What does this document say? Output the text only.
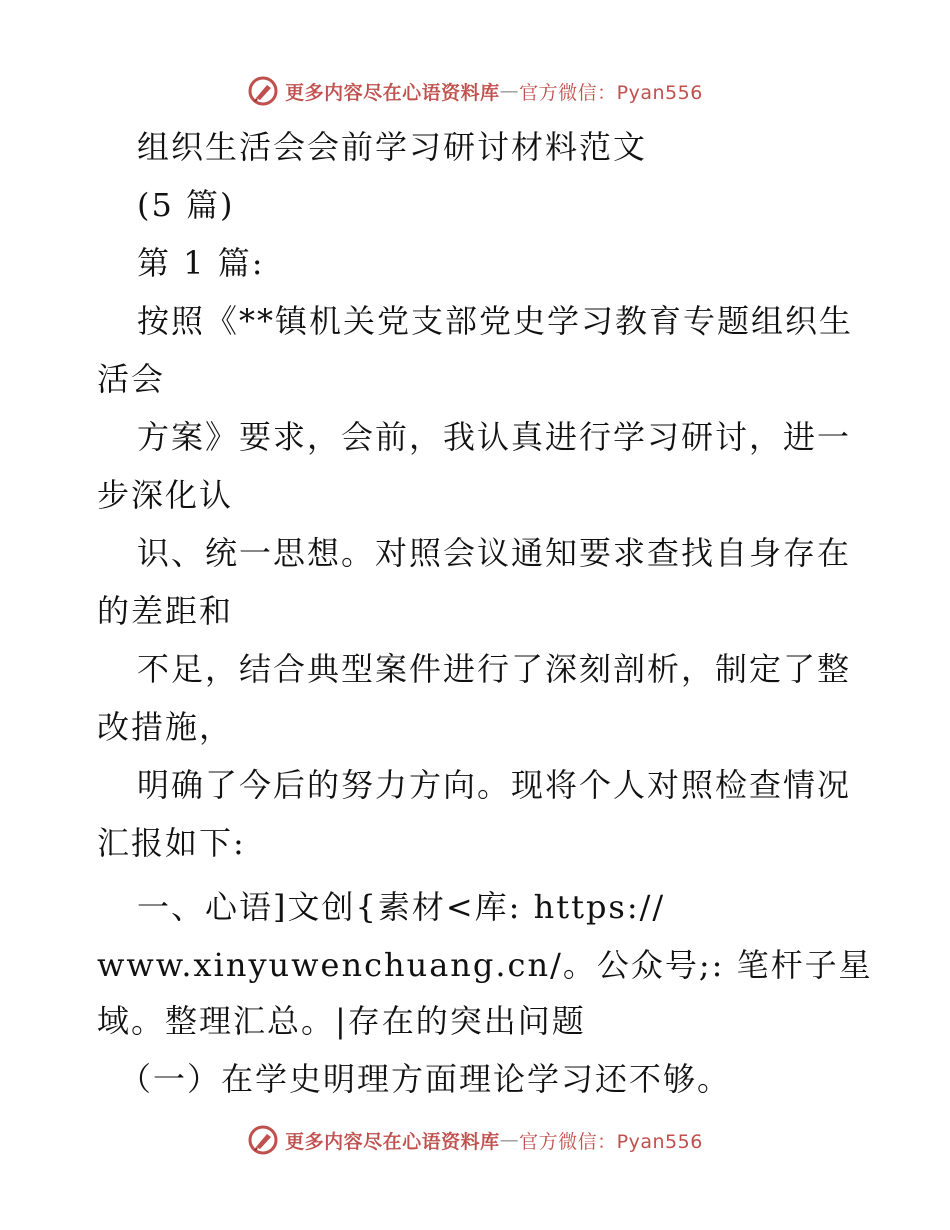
更多内容尽在心语资料库 — 官方微信：Pyan556
组织生活会会前学习研讨材料范文
(5 篇)
第 1 篇:
按照《**镇机关党支部党史学习教育专题组织生
活会
方案》要求，会前，我认真进行学习研讨，进一
步深化认
识、统一思想。对照会议通知要求查找自身存在
的差距和
不足，结合典型案件进行了深刻剖析，制定了整
改措施，
明确了今后的努力方向。现将个人对照检查情况
汇报如下:
一、心语]文创{素材<库: https://
www.xinyuwenchuang.cn/。公众号;: 笔杆子星
域。整理汇总。|存在的突出问题
（一）在学史明理方面理论学习还不够。
更多内容尽在心语资料库 — 官方微信：Pyan556
